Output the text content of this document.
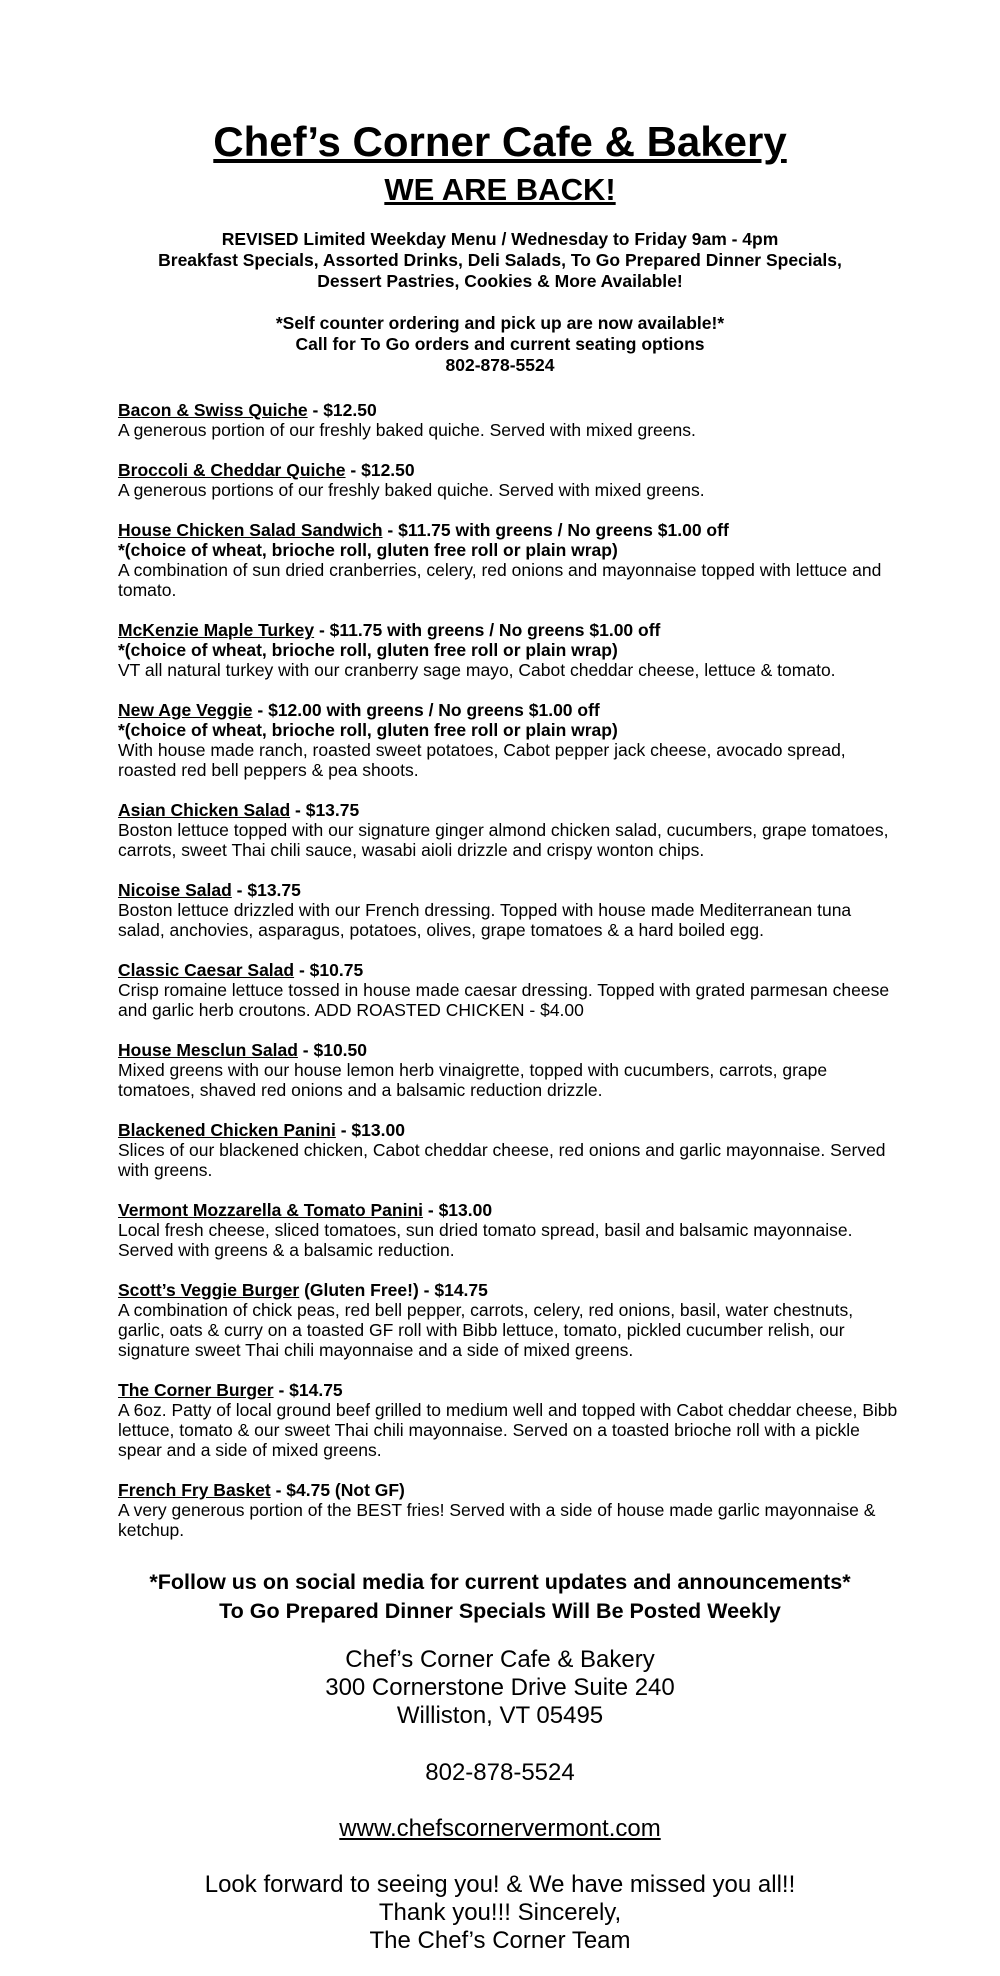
Chef’s Corner Cafe & Bakery
WE ARE BACK!
REVISED Limited Weekday Menu / Wednesday to Friday 9am - 4pm
Breakfast Specials, Assorted Drinks, Deli Salads, To Go Prepared Dinner Specials,
Dessert Pastries, Cookies & More Available!
*Self counter ordering and pick up are now available!*
Call for To Go orders and current seating options
802-878-5524
Bacon & Swiss Quiche - $12.50
A generous portion of our freshly baked quiche. Served with mixed greens.
Broccoli & Cheddar Quiche - $12.50
A generous portions of our freshly baked quiche. Served with mixed greens.
House Chicken Salad Sandwich - $11.75 with greens / No greens $1.00 off
*(choice of wheat, brioche roll, gluten free roll or plain wrap)
A combination of sun dried cranberries, celery, red onions and mayonnaise topped with lettuce and tomato.
McKenzie Maple Turkey - $11.75 with greens / No greens $1.00 off
*(choice of wheat, brioche roll, gluten free roll or plain wrap)
VT all natural turkey with our cranberry sage mayo, Cabot cheddar cheese, lettuce & tomato.
New Age Veggie - $12.00 with greens / No greens $1.00 off
*(choice of wheat, brioche roll, gluten free roll or plain wrap)
With house made ranch, roasted sweet potatoes, Cabot pepper jack cheese, avocado spread, roasted red bell peppers & pea shoots.
Asian Chicken Salad - $13.75
Boston lettuce topped with our signature ginger almond chicken salad, cucumbers, grape tomatoes, carrots, sweet Thai chili sauce, wasabi aioli drizzle and crispy wonton chips.
Nicoise Salad - $13.75
Boston lettuce drizzled with our French dressing. Topped with house made Mediterranean tuna salad, anchovies, asparagus, potatoes, olives, grape tomatoes & a hard boiled egg.
Classic Caesar Salad - $10.75
Crisp romaine lettuce tossed in house made caesar dressing. Topped with grated parmesan cheese and garlic herb croutons. ADD ROASTED CHICKEN - $4.00
House Mesclun Salad - $10.50
Mixed greens with our house lemon herb vinaigrette, topped with cucumbers, carrots, grape tomatoes, shaved red onions and a balsamic reduction drizzle.
Blackened Chicken Panini - $13.00
Slices of our blackened chicken, Cabot cheddar cheese, red onions and garlic mayonnaise. Served with greens.
Vermont Mozzarella & Tomato Panini - $13.00
Local fresh cheese, sliced tomatoes, sun dried tomato spread, basil and balsamic mayonnaise. Served with greens & a balsamic reduction.
Scott’s Veggie Burger (Gluten Free!) - $14.75
A combination of chick peas, red bell pepper, carrots, celery, red onions, basil, water chestnuts, garlic, oats & curry on a toasted GF roll with Bibb lettuce, tomato, pickled cucumber relish, our signature sweet Thai chili mayonnaise and a side of mixed greens.
The Corner Burger - $14.75
A 6oz. Patty of local ground beef grilled to medium well and topped with Cabot cheddar cheese, Bibb lettuce, tomato & our sweet Thai chili mayonnaise. Served on a toasted brioche roll with a pickle spear and a side of mixed greens.
French Fry Basket - $4.75 (Not GF)
A very generous portion of the BEST fries! Served with a side of house made garlic mayonnaise & ketchup.
*Follow us on social media for current updates and announcements*
To Go Prepared Dinner Specials Will Be Posted Weekly
Chef’s Corner Cafe & Bakery
300 Cornerstone Drive Suite 240
Williston, VT 05495
802-878-5524
www.chefscornervermont.com
Look forward to seeing you! & We have missed you all!!
Thank you!!! Sincerely,
The Chef’s Corner Team
